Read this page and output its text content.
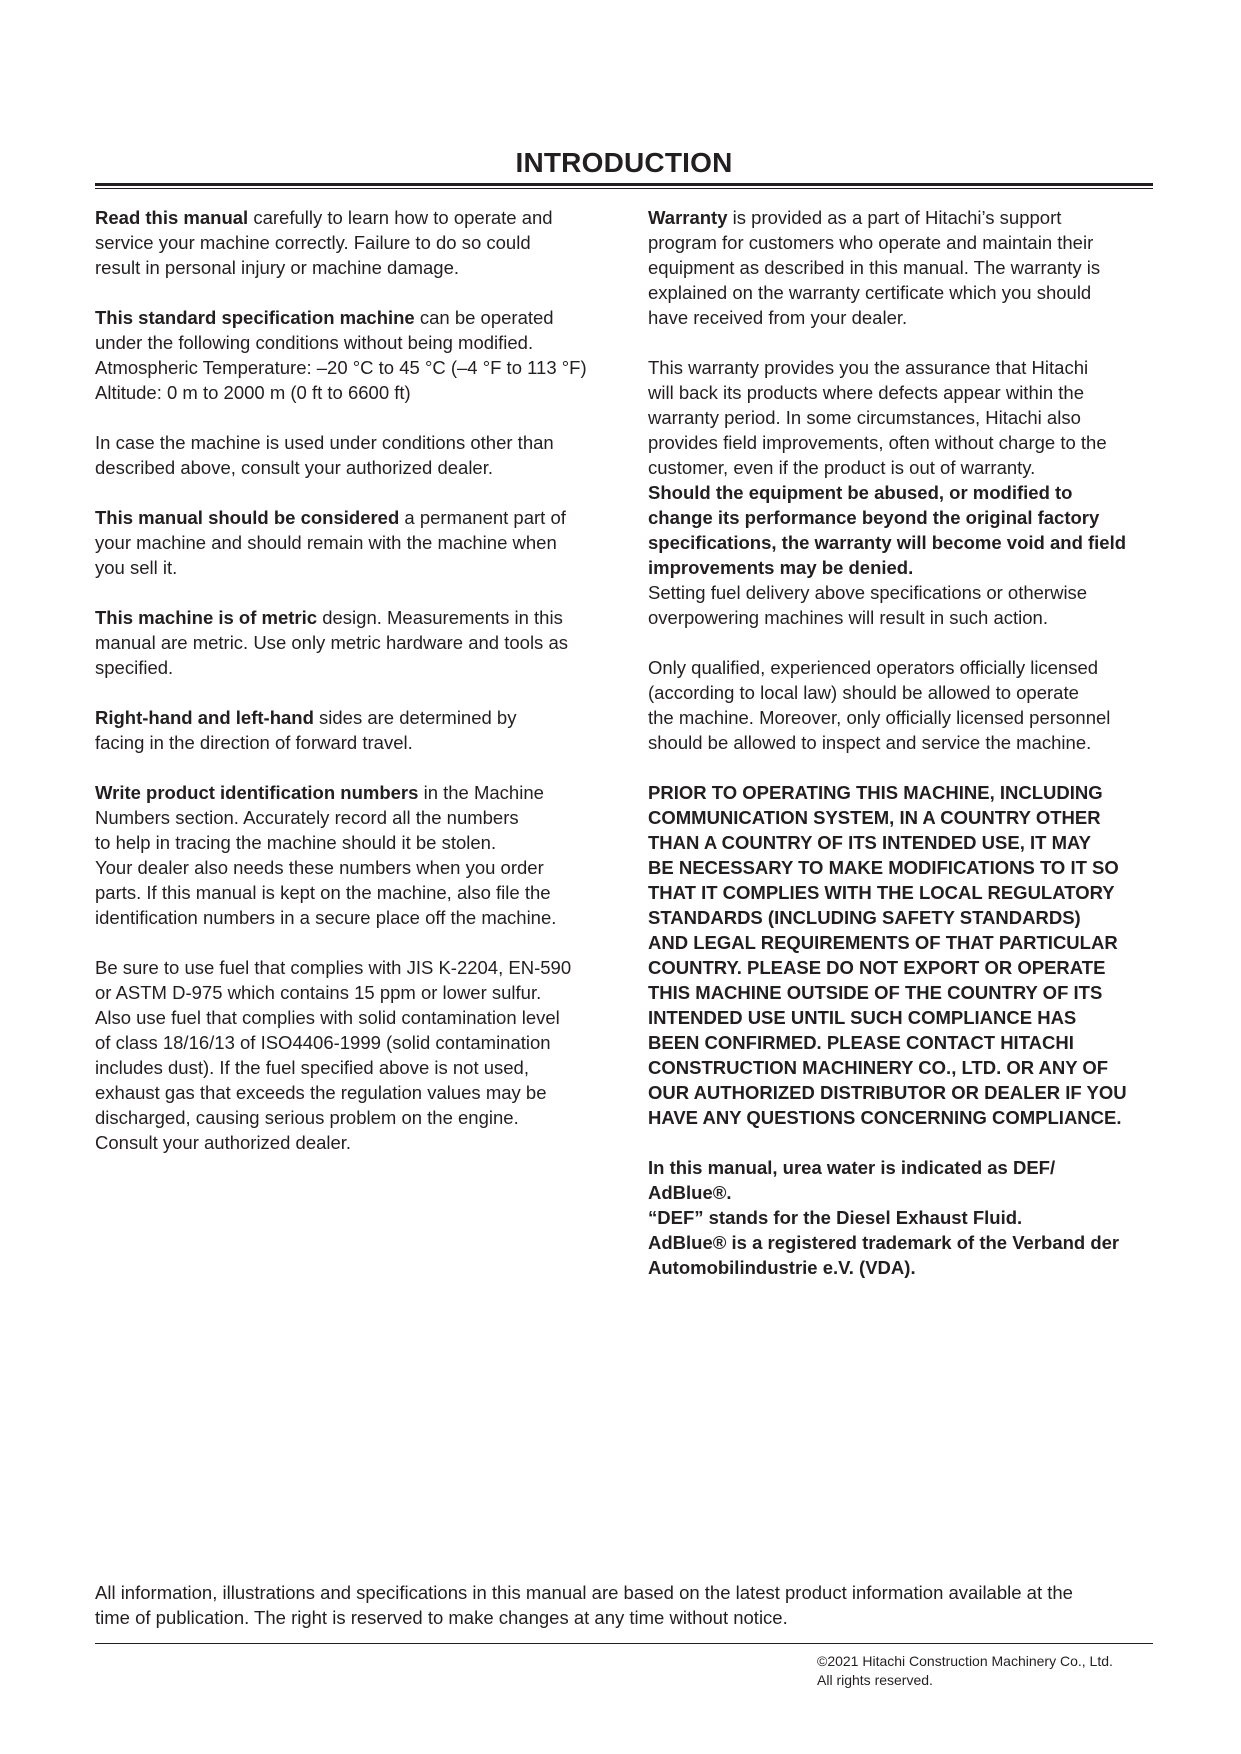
INTRODUCTION

Read this manual carefully to learn how to operate and
service your machine correctly. Failure to do so could
result in personal injury or machine damage.

This standard specification machine can be operated
under the following conditions without being modified.
Atmospheric Temperature: –20 °C to 45 °C (–4 °F to 113 °F)
Altitude: 0 m to 2000 m (0 ft to 6600 ft)

In case the machine is used under conditions other than
described above, consult your authorized dealer.

This manual should be considered a permanent part of
your machine and should remain with the machine when
you sell it.

This machine is of metric design. Measurements in this
manual are metric. Use only metric hardware and tools as
specified.

Right-hand and left-hand sides are determined by
facing in the direction of forward travel.

Write product identification numbers in the Machine
Numbers section. Accurately record all the numbers
to help in tracing the machine should it be stolen.
Your dealer also needs these numbers when you order
parts. If this manual is kept on the machine, also file the
identification numbers in a secure place off the machine.

Be sure to use fuel that complies with JIS K-2204, EN-590
or ASTM D-975 which contains 15 ppm or lower sulfur.
Also use fuel that complies with solid contamination level
of class 18/16/13 of ISO4406-1999 (solid contamination
includes dust). If the fuel specified above is not used,
exhaust gas that exceeds the regulation values may be
discharged, causing serious problem on the engine.
Consult your authorized dealer.

Warranty is provided as a part of Hitachi’s support
program for customers who operate and maintain their
equipment as described in this manual. The warranty is
explained on the warranty certificate which you should
have received from your dealer.

This warranty provides you the assurance that Hitachi
will back its products where defects appear within the
warranty period. In some circumstances, Hitachi also
provides field improvements, often without charge to the
customer, even if the product is out of warranty.

Should the equipment be abused, or modified to
change its performance beyond the original factory
specifications, the warranty will become void and field
improvements may be denied.

Setting fuel delivery above specifications or otherwise
overpowering machines will result in such action.

Only qualified, experienced operators officially licensed
(according to local law) should be allowed to operate
the machine. Moreover, only officially licensed personnel
should be allowed to inspect and service the machine.

PRIOR TO OPERATING THIS MACHINE, INCLUDING
COMMUNICATION SYSTEM, IN A COUNTRY OTHER
THAN A COUNTRY OF ITS INTENDED USE, IT MAY
BE NECESSARY TO MAKE MODIFICATIONS TO IT SO
THAT IT COMPLIES WITH THE LOCAL REGULATORY
STANDARDS (INCLUDING SAFETY STANDARDS)
AND LEGAL REQUIREMENTS OF THAT PARTICULAR
COUNTRY. PLEASE DO NOT EXPORT OR OPERATE
THIS MACHINE OUTSIDE OF THE COUNTRY OF ITS
INTENDED USE UNTIL SUCH COMPLIANCE HAS
BEEN CONFIRMED. PLEASE CONTACT HITACHI
CONSTRUCTION MACHINERY CO., LTD. OR ANY OF
OUR AUTHORIZED DISTRIBUTOR OR DEALER IF YOU
HAVE ANY QUESTIONS CONCERNING COMPLIANCE.

In this manual, urea water is indicated as DEF/
AdBlue®.
“DEF” stands for the Diesel Exhaust Fluid.
AdBlue® is a registered trademark of the Verband der
Automobilindustrie e.V. (VDA).

All information, illustrations and specifications in this manual are based on the latest product information available at the
time of publication. The right is reserved to make changes at any time without notice.
©2021 Hitachi Construction Machinery Co., Ltd.
All rights reserved.
